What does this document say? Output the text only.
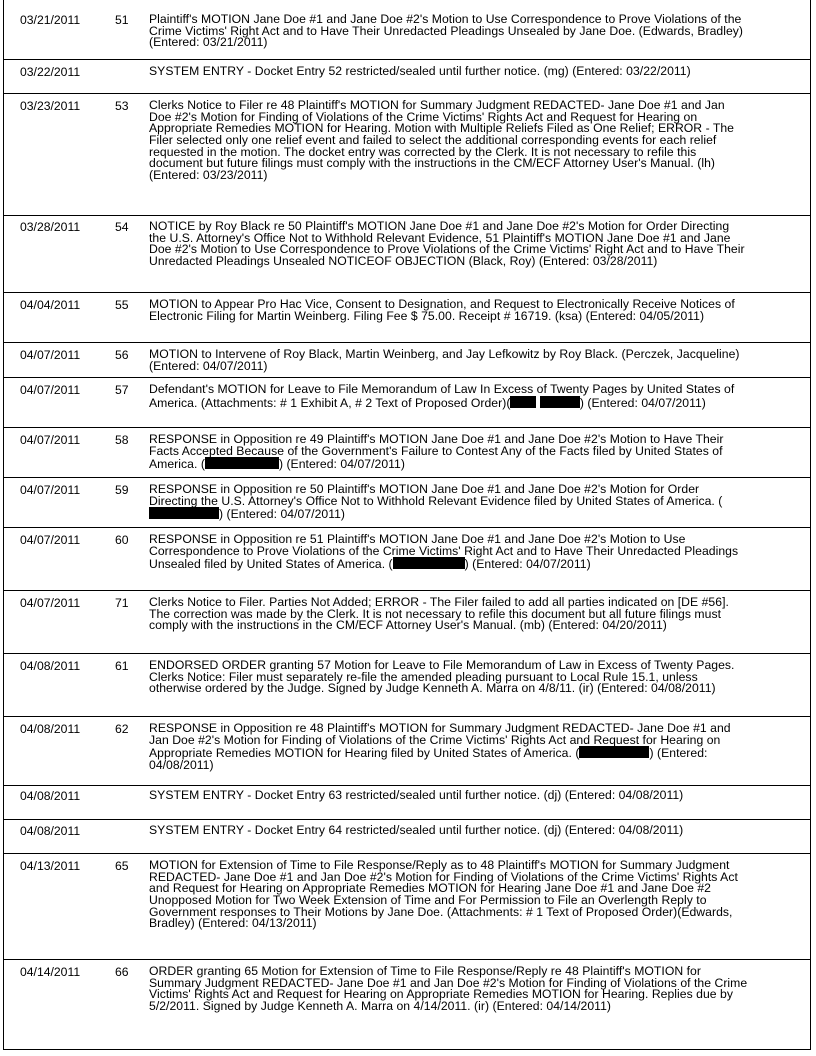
03/21/2011	51 Plaintiff's MOTION Jane Doe #1 and Jane Doe #2's Motion to Use Correspondence to Prove Violations of the Crime Victims' Right Act and to Have Their Unredacted Pleadings Unsealed by Jane Doe. (Edwards, Bradley) (Entered: 03/21/2011)
03/22/2011	SYSTEM ENTRY - Docket Entry 52 restricted/sealed until further notice. (mg) (Entered: 03/22/2011)
03/23/2011	53 Clerks Notice to Filer re 48 Plaintiff's MOTION for Summary Judgment REDACTED- Jane Doe #1 and Jan Doe #2's Motion for Finding of Violations of the Crime Victims' Rights Act and Request for Hearing on Appropriate Remedies MOTION for Hearing. Motion with Multiple Reliefs Filed as One Relief; ERROR - The Filer selected only one relief event and failed to select the additional corresponding events for each relief requested in the motion. The docket entry was corrected by the Clerk. It is not necessary to refile this document but future filings must comply with the instructions in the CM/ECF Attorney User's Manual. (lh) (Entered: 03/23/2011)
03/28/2011	54 NOTICE by Roy Black re 50 Plaintiff's MOTION Jane Doe #1 and Jane Doe #2's Motion for Order Directing the U.S. Attorney's Office Not to Withhold Relevant Evidence, 51 Plaintiff's MOTION Jane Doe #1 and Jane Doe #2's Motion to Use Correspondence to Prove Violations of the Crime Victims' Right Act and to Have Their Unredacted Pleadings Unsealed NOTICEOF OBJECTION (Black, Roy) (Entered: 03/28/2011)
04/04/2011	55 MOTION to Appear Pro Hac Vice, Consent to Designation, and Request to Electronically Receive Notices of Electronic Filing for Martin Weinberg. Filing Fee $ 75.00. Receipt # 16719. (ksa) (Entered: 04/05/2011)
04/07/2011	56 MOTION to Intervene of Roy Black, Martin Weinberg, and Jay Lefkowitz by Roy Black. (Perczek, Jacqueline) (Entered: 04/07/2011)
04/07/2011	57 Defendant's MOTION for Leave to File Memorandum of Law In Excess of Twenty Pages by United States of America. (Attachments: # 1 Exhibit A, # 2 Text of Proposed Order)(	) (Entered: 04/07/2011)
04/07/2011	58 RESPONSE in Opposition re 49 Plaintiff's MOTION Jane Doe #1 and Jane Doe #2's Motion to Have Their Facts Accepted Because of the Government's Failure to Contest Any of the Facts filed by United States of America. (	) (Entered: 04/07/2011)
04/07/2011	59 RESPONSE in Opposition re 50 Plaintiff's MOTION Jane Doe #1 and Jane Doe #2's Motion for Order Directing the U.S. Attorney's Office Not to Withhold Relevant Evidence filed by United States of America. () (Entered: 04/07/2011)
04/07/2011	60 RESPONSE in Opposition re 51 Plaintiff's MOTION Jane Doe #1 and Jane Doe #2's Motion to Use Correspondence to Prove Violations of the Crime Victims' Right Act and to Have Their Unredacted Pleadings Unsealed filed by United States of America. (	) (Entered: 04/07/2011)
04/07/2011	71 Clerks Notice to Filer. Parties Not Added; ERROR - The Filer failed to add all parties indicated on [DE #56]. The correction was made by the Clerk. It is not necessary to refile this document but all future filings must comply with the instructions in the CM/ECF Attorney User's Manual. (mb) (Entered: 04/20/2011)
04/08/2011	61 ENDORSED ORDER granting 57 Motion for Leave to File Memorandum of Law in Excess of Twenty Pages. Clerks Notice: Filer must separately re-file the amended pleading pursuant to Local Rule 15.1, unless otherwise ordered by the Judge. Signed by Judge Kenneth A. Marra on 4/8/11. (ir) (Entered: 04/08/2011)
04/08/2011	62 RESPONSE in Opposition re 48 Plaintiff's MOTION for Summary Judgment REDACTED- Jane Doe #1 and Jan Doe #2's Motion for Finding of Violations of the Crime Victims' Rights Act and Request for Hearing on Appropriate Remedies MOTION for Hearing filed by United States of America. (	) (Entered: 04/08/2011)
04/08/2011	SYSTEM ENTRY - Docket Entry 63 restricted/sealed until further notice. (dj) (Entered: 04/08/2011)
04/08/2011	SYSTEM ENTRY - Docket Entry 64 restricted/sealed until further notice. (dj) (Entered: 04/08/2011)
04/13/2011	65 MOTION for Extension of Time to File Response/Reply as to 48 Plaintiff's MOTION for Summary Judgment REDACTED- Jane Doe #1 and Jan Doe #2's Motion for Finding of Violations of the Crime Victims' Rights Act and Request for Hearing on Appropriate Remedies MOTION for Hearing Jane Doe #1 and Jane Doe #2 Unopposed Motion for Two Week Extension of Time and For Permission to File an Overlength Reply to Government responses to Their Motions by Jane Doe. (Attachments: # 1 Text of Proposed Order)(Edwards, Bradley) (Entered: 04/13/2011)
04/14/2011	66 ORDER granting 65 Motion for Extension of Time to File Response/Reply re 48 Plaintiff's MOTION for Summary Judgment REDACTED- Jane Doe #1 and Jan Doe #2's Motion for Finding of Violations of the Crime Victims' Rights Act and Request for Hearing on Appropriate Remedies MOTION for Hearing. Replies due by 5/2/2011. Signed by Judge Kenneth A. Marra on 4/14/2011. (ir) (Entered: 04/14/2011)
